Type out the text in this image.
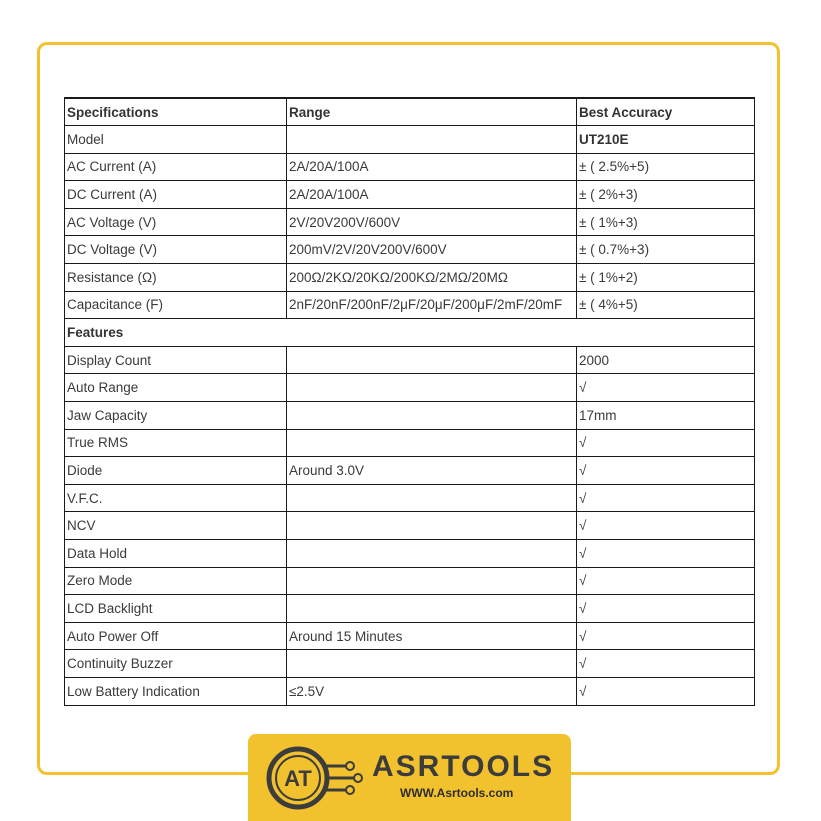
Specifications	Range	Best Accuracy
Model		UT210E
AC Current (A)	2A/20A/100A	± ( 2.5%+5)
DC Current (A)	2A/20A/100A	± ( 2%+3)
AC Voltage (V)	2V/20V200V/600V	± ( 1%+3)
DC Voltage (V)	200mV/2V/20V200V/600V	± ( 0.7%+3)
Resistance (Ω)	200Ω/2KΩ/20KΩ/200KΩ/2MΩ/20MΩ	± ( 1%+2)
Capacitance (F)	2nF/20nF/200nF/2μF/20μF/200μF/2mF/20mF	± ( 4%+5)
Features		
Display Count		2000
Auto Range		√
Jaw Capacity		17mm
True RMS		√
Diode	Around 3.0V	√
V.F.C.		√
NCV		√
Data Hold		√
Zero Mode		√
LCD Backlight		√
Auto Power Off	Around 15 Minutes	√
Continuity Buzzer		√
Low Battery Indication	≤2.5V	√
AT ASRTOOLS
WWW.Asrtools.com
